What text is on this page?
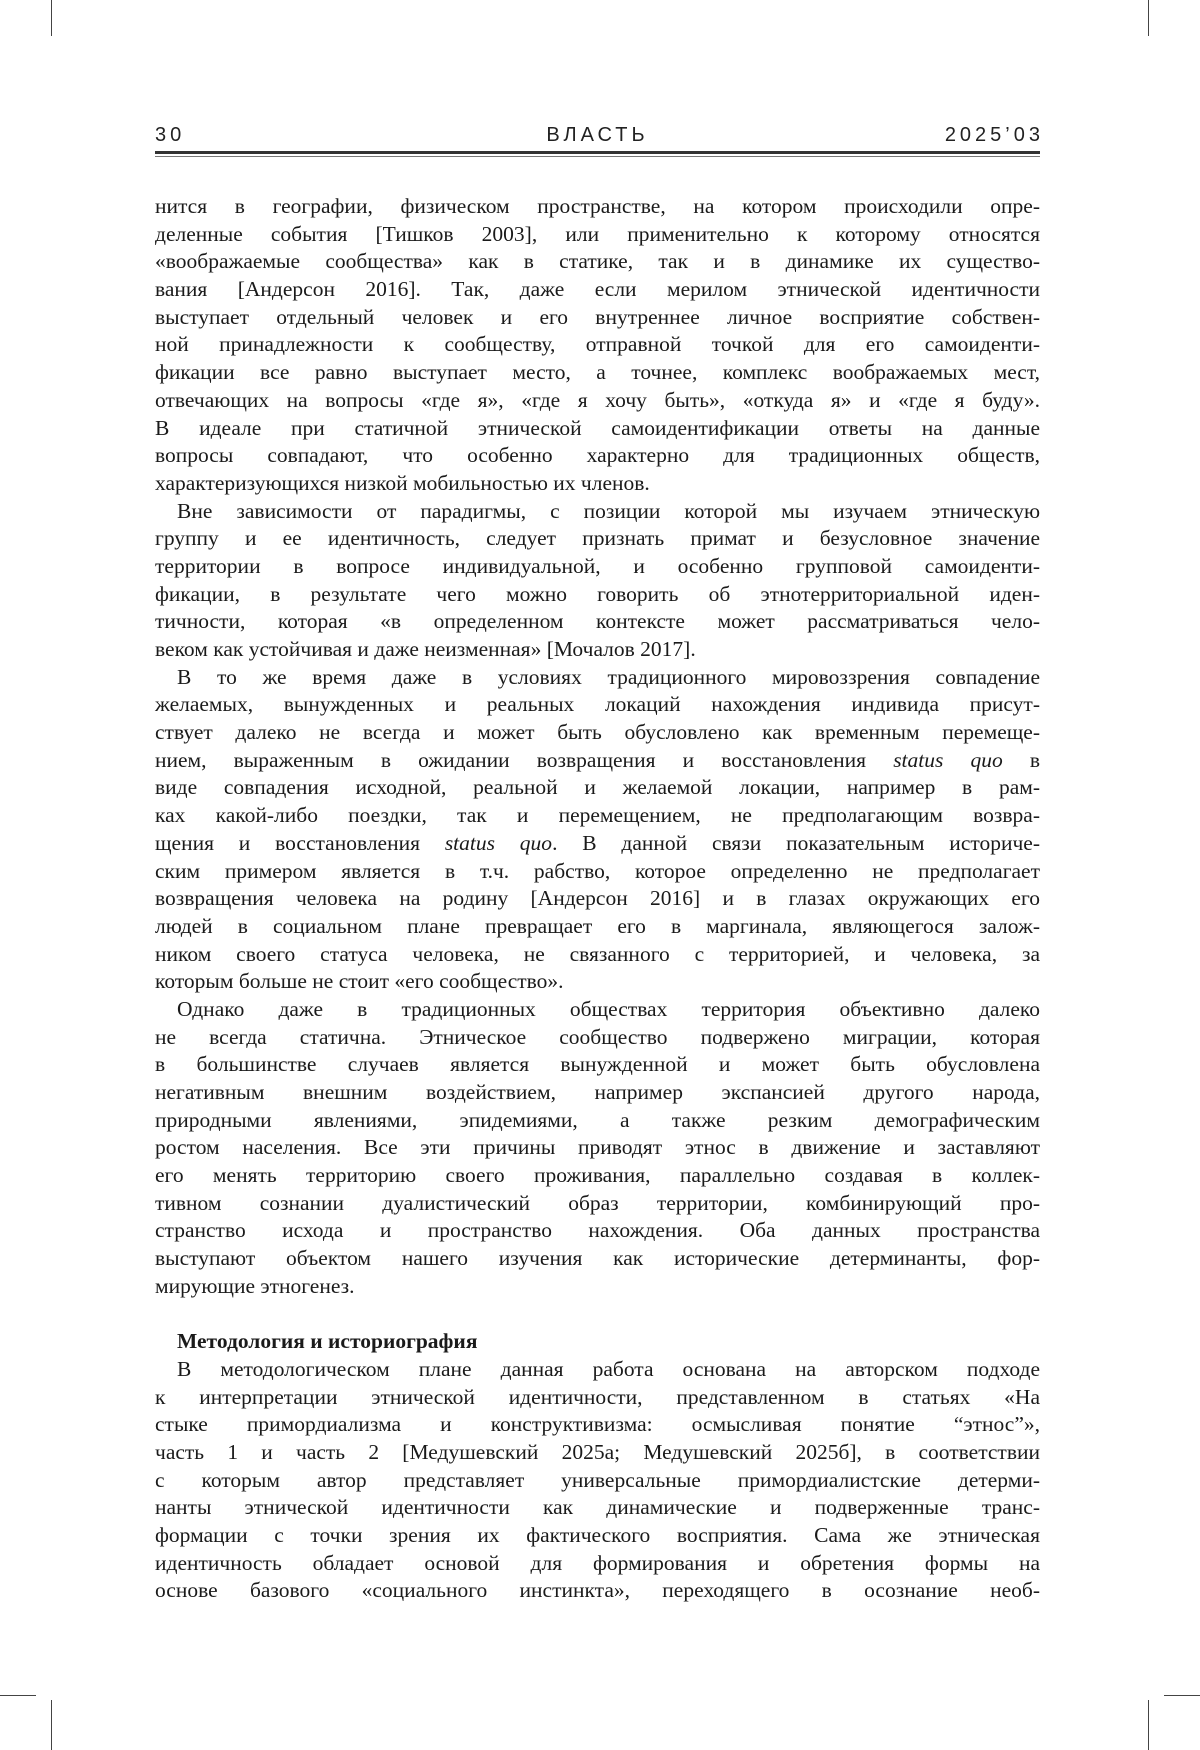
30	ВЛАСТЬ	2025’03
нится в географии, физическом пространстве, на котором происходили опре-
деленные события [Тишков 2003], или применительно к которому относятся
«воображаемые сообщества» как в статике, так и в динамике их существо-
вания [Андерсон 2016]. Так, даже если мерилом этнической идентичности
выступает отдельный человек и его внутреннее личное восприятие собствен-
ной принадлежности к сообществу, отправной точкой для его самоиденти-
фикации все равно выступает место, а точнее, комплекс воображаемых мест,
отвечающих на вопросы «где я», «где я хочу быть», «откуда я» и «где я буду».
В идеале при статичной этнической самоидентификации ответы на данные
вопросы совпадают, что особенно характерно для традиционных обществ,
характеризующихся низкой мобильностью их членов.
Вне зависимости от парадигмы, с позиции которой мы изучаем этническую
группу и ее идентичность, следует признать примат и безусловное значение
территории в вопросе индивидуальной, и особенно групповой самоиденти-
фикации, в результате чего можно говорить об этнотерриториальной иден-
тичности, которая «в определенном контексте может рассматриваться чело-
веком как устойчивая и даже неизменная» [Мочалов 2017].
В то же время даже в условиях традиционного мировоззрения совпадение
желаемых, вынужденных и реальных локаций нахождения индивида присут-
ствует далеко не всегда и может быть обусловлено как временным перемеще-
нием, выраженным в ожидании возвращения и восстановления status quo в
виде совпадения исходной, реальной и желаемой локации, например в рам-
ках какой-либо поездки, так и перемещением, не предполагающим возвра-
щения и восстановления status quo. В данной связи показательным историче-
ским примером является в т.ч. рабство, которое определенно не предполагает
возвращения человека на родину [Андерсон 2016] и в глазах окружающих его
людей в социальном плане превращает его в маргинала, являющегося залож-
ником своего статуса человека, не связанного с территорией, и человека, за
которым больше не стоит «его сообщество».
Однако даже в традиционных обществах территория объективно далеко
не всегда статична. Этническое сообщество подвержено миграции, которая
в большинстве случаев является вынужденной и может быть обусловлена
негативным внешним воздействием, например экспансией другого народа,
природными явлениями, эпидемиями, а также резким демографическим
ростом населения. Все эти причины приводят этнос в движение и заставляют
его менять территорию своего проживания, параллельно создавая в коллек-
тивном сознании дуалистический образ территории, комбинирующий про-
странство исхода и пространство нахождения. Оба данных пространства
выступают объектом нашего изучения как исторические детерминанты, фор-
мирующие этногенез.
Методология и историография
В методологическом плане данная работа основана на авторском подходе
к интерпретации этнической идентичности, представленном в статьях «На
стыке примордиализма и конструктивизма: осмысливая понятие “этнос”»,
часть 1 и часть 2 [Медушевский 2025а; Медушевский 2025б], в соответствии
с которым автор представляет универсальные примордиалистские детерми-
нанты этнической идентичности как динамические и подверженные транс-
формации с точки зрения их фактического восприятия. Сама же этническая
идентичность обладает основой для формирования и обретения формы на
основе базового «социального инстинкта», переходящего в осознание необ-
